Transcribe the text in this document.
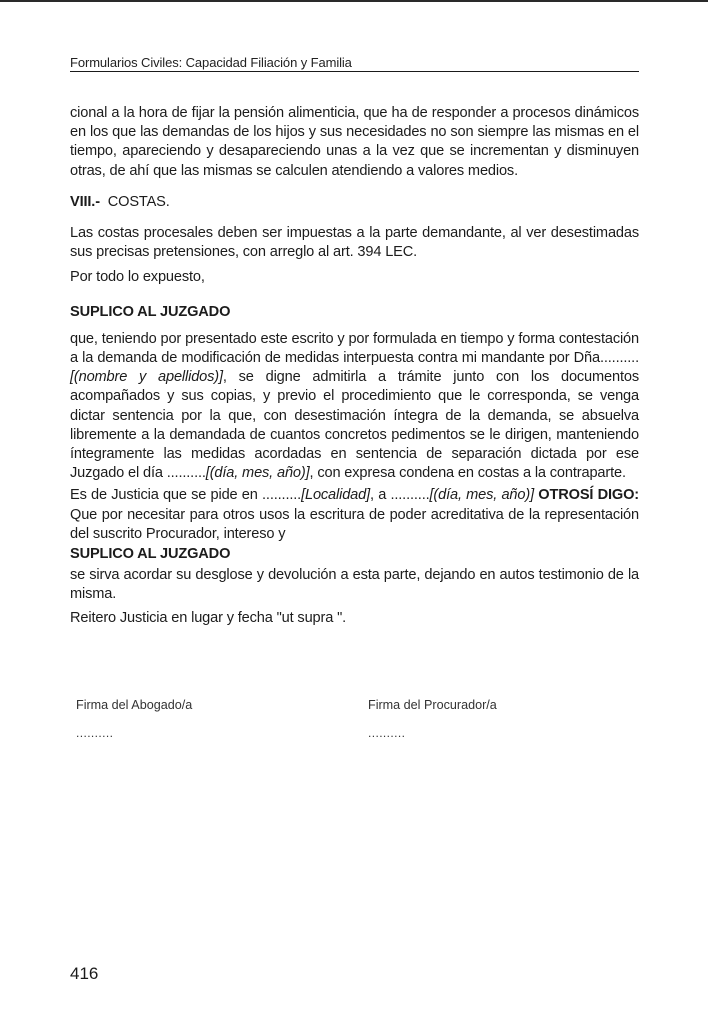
Formularios Civiles: Capacidad Filiación y Familia

cional a la hora de fijar la pensión alimenticia, que ha de responder a procesos dinámicos en los que las demandas de los hijos y sus necesidades no son siempre las mismas en el tiempo, apareciendo y desapareciendo unas a la vez que se incrementan y disminuyen otras, de ahí que las mismas se calculen atendiendo a valores medios.

VIII.- COSTAS.

Las costas procesales deben ser impuestas a la parte demandante, al ver desestimadas sus precisas pretensiones, con arreglo al art. 394 LEC.

Por todo lo expuesto,

SUPLICO AL JUZGADO

que, teniendo por presentado este escrito y por formulada en tiempo y forma contestación a la demanda de modificación de medidas interpuesta contra mi mandante por Dña..........[(nombre y apellidos)], se digne admitirla a trámite junto con los documentos acompañados y sus copias, y previo el procedimiento que le corresponda, se venga dictar sentencia por la que, con desestimación íntegra de la demanda, se absuelva libremente a la demandada de cuantos concretos pedimentos se le dirigen, manteniendo íntegramente las medidas acordadas en sentencia de separación dictada por ese Juzgado el día ..........[(día, mes, año)], con expresa condena en costas a la contraparte.

Es de Justicia que se pide en ..........[Localidad], a ..........[(día, mes, año)] OTROSÍ DIGO: Que por necesitar para otros usos la escritura de poder acreditativa de la representación del suscrito Procurador, intereso y

SUPLICO AL JUZGADO

se sirva acordar su desglose y devolución a esta parte, dejando en autos testimonio de la misma.

Reitero Justicia en lugar y fecha "ut supra ".

Firma del Abogado/a
..........
Firma del Procurador/a
..........
416
